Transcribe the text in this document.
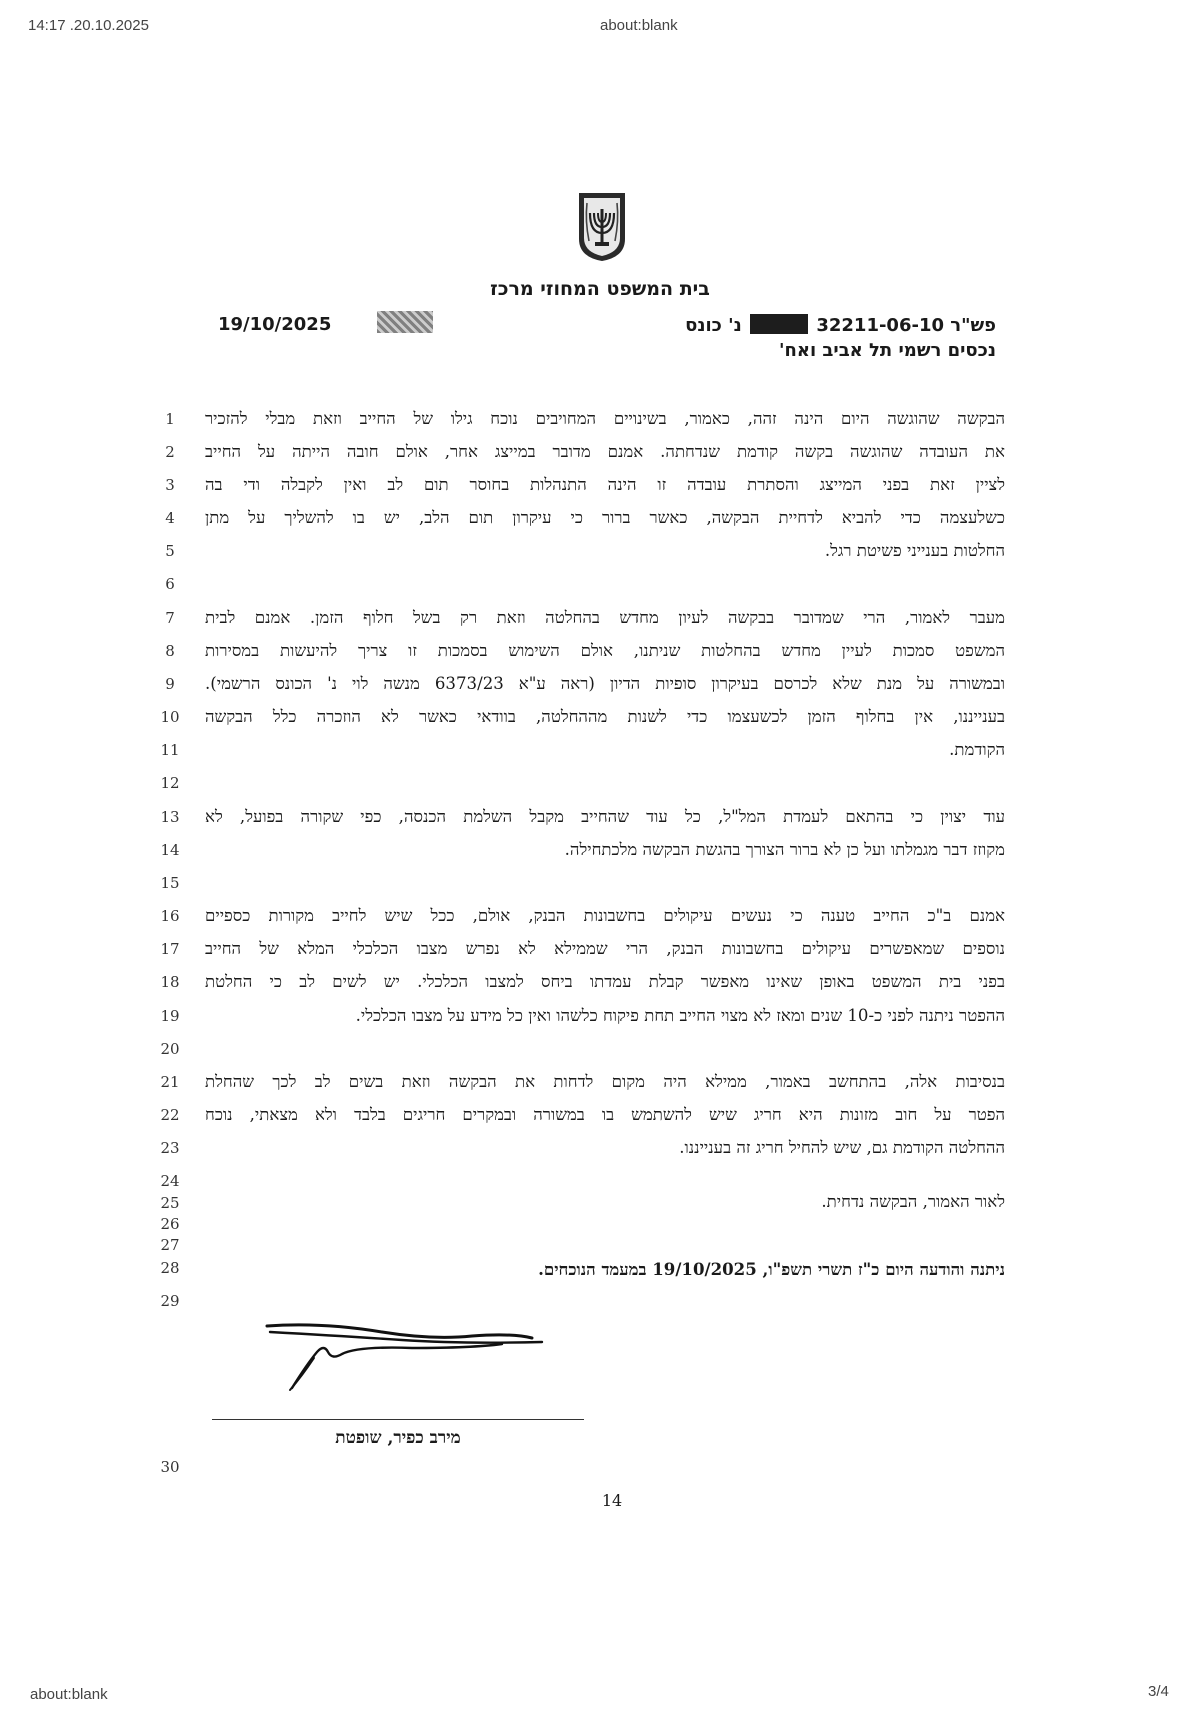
14:17 .20.10.2025	about:blank
about:blank	3/4
בית המשפט המחוזי מרכז
פש"ר 32211-06-10  נ' כונס
נכסים רשמי תל אביב ואח'
19/10/2025
1
2
3
4
5
6
7
8
9
10
11
12
13
14
15
16
17
18
19
20
21
22
23
24
25
26
27
28
29
30
הבקשה שהוגשה היום הינה זהה, כאמור, בשינויים המחויבים נוכח גילו של החייב וזאת מבלי להזכיר
את העובדה שהוגשה בקשה קודמת שנדחתה. אמנם מדובר במייצג אחר, אולם חובה הייתה על החייב
לציין זאת בפני המייצג והסתרת עובדה זו הינה התנהלות בחוסר תום לב ואין לקבלה ודי בה
כשלעצמה כדי להביא לדחיית הבקשה, כאשר ברור כי עיקרון תום הלב, יש בו להשליך על מתן
החלטות בענייני פשיטת רגל.
מעבר לאמור, הרי שמדובר בבקשה לעיון מחדש בהחלטה וזאת רק בשל חלוף הזמן. אמנם לבית
המשפט סמכות לעיין מחדש בהחלטות שניתנו, אולם השימוש בסמכות זו צריך להיעשות במסירות
ובמשורה על מנת שלא לכרסם בעיקרון סופיות הדיון (ראה ע"א 6373/23 מנשה לוי נ' הכונס הרשמי).
בענייננו, אין בחלוף הזמן לכשעצמו כדי לשנות מההחלטה, בוודאי כאשר לא הוזכרה כלל הבקשה
הקודמת.
עוד יצוין כי בהתאם לעמדת המל"ל, כל עוד שהחייב מקבל השלמת הכנסה, כפי שקורה בפועל, לא
מקוזז דבר מגמלתו ועל כן לא ברור הצורך בהגשת הבקשה מלכתחילה.
אמנם ב"כ החייב טענה כי נעשים עיקולים בחשבונות הבנק, אולם, ככל שיש לחייב מקורות כספיים
נוספים שמאפשרים עיקולים בחשבונות הבנק, הרי שממילא לא נפרש מצבו הכלכלי המלא של החייב
בפני בית המשפט באופן שאינו מאפשר קבלת עמדתו ביחס למצבו הכלכלי. יש לשים לב כי החלטת
ההפטר ניתנה לפני כ-10 שנים ומאז לא מצוי החייב תחת פיקוח כלשהו ואין כל מידע על מצבו הכלכלי.
בנסיבות אלה, בהתחשב באמור, ממילא היה מקום לדחות את הבקשה וזאת בשים לב לכך שהחלת
הפטר על חוב מזונות היא חריג שיש להשתמש בו במשורה ובמקרים חריגים בלבד ולא מצאתי, נוכח
ההחלטה הקודמת גם, שיש להחיל חריג זה בענייננו.
לאור האמור, הבקשה נדחית.
ניתנה והודעה היום כ"ז תשרי תשפ"ו, 19/10/2025 במעמד הנוכחים.
מירב כפיר, שופטת
14
